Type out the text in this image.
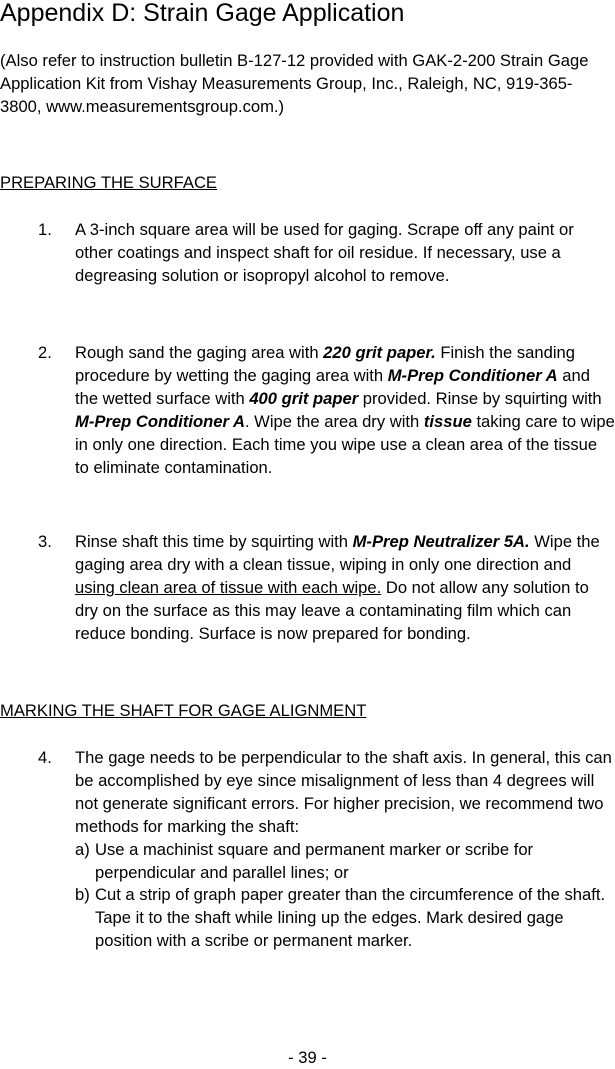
Appendix D: Strain Gage Application

(Also refer to instruction bulletin B-127-12 provided with GAK-2-200 Strain Gage Application Kit from Vishay Measurements Group, Inc., Raleigh, NC, 919-365-3800, www.measurementsgroup.com.)

PREPARING THE SURFACE
1. A 3-inch square area will be used for gaging. Scrape off any paint or other coatings and inspect shaft for oil residue. If necessary, use a degreasing solution or isopropyl alcohol to remove.
2. Rough sand the gaging area with 220 grit paper. Finish the sanding procedure by wetting the gaging area with M-Prep Conditioner A and the wetted surface with 400 grit paper provided. Rinse by squirting with M-Prep Conditioner A. Wipe the area dry with tissue taking care to wipe in only one direction. Each time you wipe use a clean area of the tissue to eliminate contamination.
3. Rinse shaft this time by squirting with M-Prep Neutralizer 5A. Wipe the gaging area dry with a clean tissue, wiping in only one direction and using clean area of tissue with each wipe. Do not allow any solution to dry on the surface as this may leave a contaminating film which can reduce bonding. Surface is now prepared for bonding.
MARKING THE SHAFT FOR GAGE ALIGNMENT
4. The gage needs to be perpendicular to the shaft axis. In general, this can be accomplished by eye since misalignment of less than 4 degrees will not generate significant errors. For higher precision, we recommend two methods for marking the shaft:
a) Use a machinist square and permanent marker or scribe for perpendicular and parallel lines; or
b) Cut a strip of graph paper greater than the circumference of the shaft. Tape it to the shaft while lining up the edges. Mark desired gage position with a scribe or permanent marker.
- 39 -
